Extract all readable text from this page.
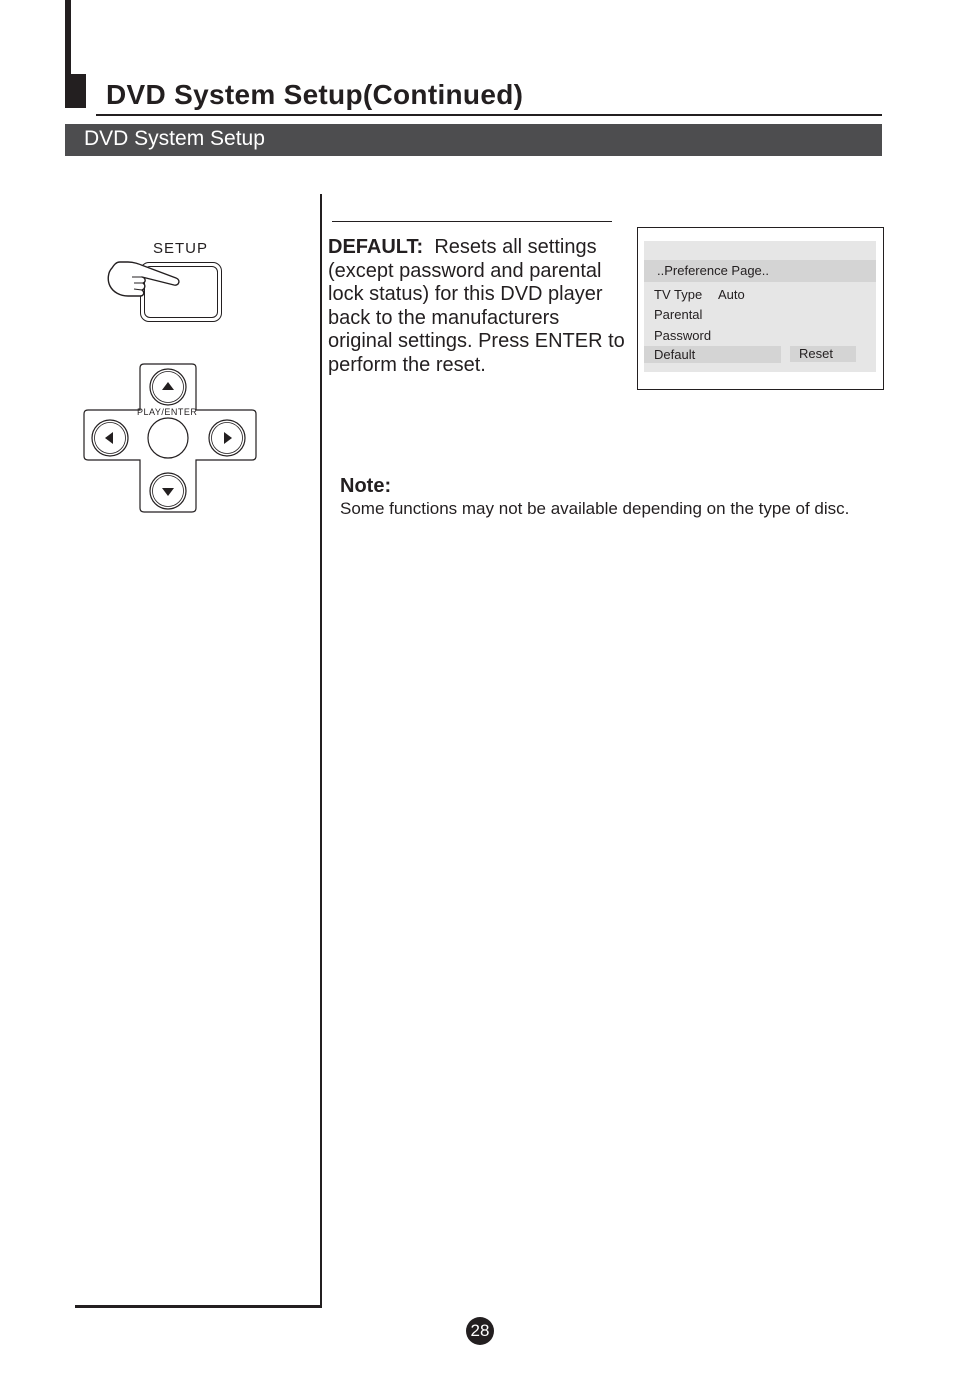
DVD System Setup(Continued)
DVD System Setup
SETUP
PLAY/ENTER
DEFAULT: Resets all settings (except password and parental lock status) for this DVD player back to the manufacturers original settings. Press ENTER to perform the reset.
..Preference Page..
TV Type Auto
Parental
Password
Default	Reset
Note:
Some functions may not be available depending on the type of disc.
28
